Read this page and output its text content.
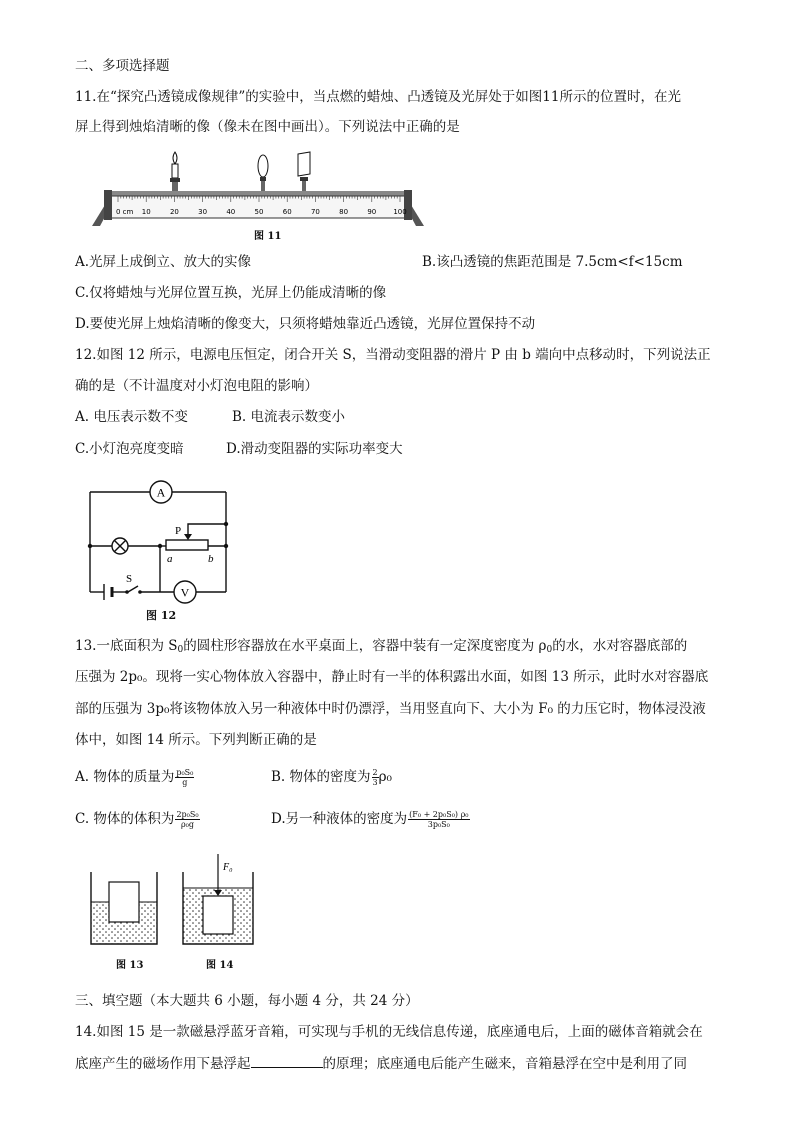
二、多项选择题
11.在“探究凸透镜成像规律”的实验中，当点燃的蜡烛、凸透镜及光屏处于如图11所示的位置时，在光
屏上得到烛焰清晰的像（像未在图中画出）。下列说法中正确的是
10	20	30	40	50	60	70	80	90 100
0 cm
图 11
A.光屏上成倒立、放大的实像	B.该凸透镜的焦距范围是 7.5cm<f<15cm
C.仅将蜡烛与光屏位置互换，光屏上仍能成清晰的像
D.要使光屏上烛焰清晰的像变大，只须将蜡烛靠近凸透镜，光屏位置保持不动
12.如图 12 所示，电源电压恒定，闭合开关 S，当滑动变阻器的滑片 P 由 b 端向中点移动时，下列说法正
确的是（不计温度对小灯泡电阻的影响）
A. 电压表示数不变	B. 电流表示数变小
C.小灯泡亮度变暗	D.滑动变阻器的实际功率变大
A
V
P
a	b
S
图 12
13.一底面积为 $S_0$的圆柱形容器放在水平桌面上，容器中装有一定深度密度为 $\rho_0$的水，水对容器底部的
压强为 2p₀。现将一实心物体放入容器中，静止时有一半的体积露出水面，如图 13 所示，此时水对容器底
部的压强为 3p₀将该物体放入另一种液体中时仍漂浮，当用竖直向下、大小为 F₀ 的力压它时，物体浸没液
体中，如图 14 所示。下列判断正确的是
A. 物体的质量为 $\frac{\text{p₀S₀}}{g}$	B. 物体的密度为 $\frac{2}{3} \rho_0$
C. 物体的体积为 $\frac{\text{2p₀S₀}}{\text{ρ₀g}}$	D.另一种液体的密度为 $\frac{\text{(F₀ + 2p₀S₀) ρ₀}}{\text{3p₀S₀}}$
F₀
图 13	图 14
三、填空题（本大题共 6 小题，每小题 4 分，共 24 分）
14.如图 15 是一款磁悬浮蓝牙音箱，可实现与手机的无线信息传递，底座通电后，上面的磁体音箱就会在
底座产生的磁场作用下悬浮起	的原理；底座通电后能产生磁来，音箱悬浮在空中是利用了同
